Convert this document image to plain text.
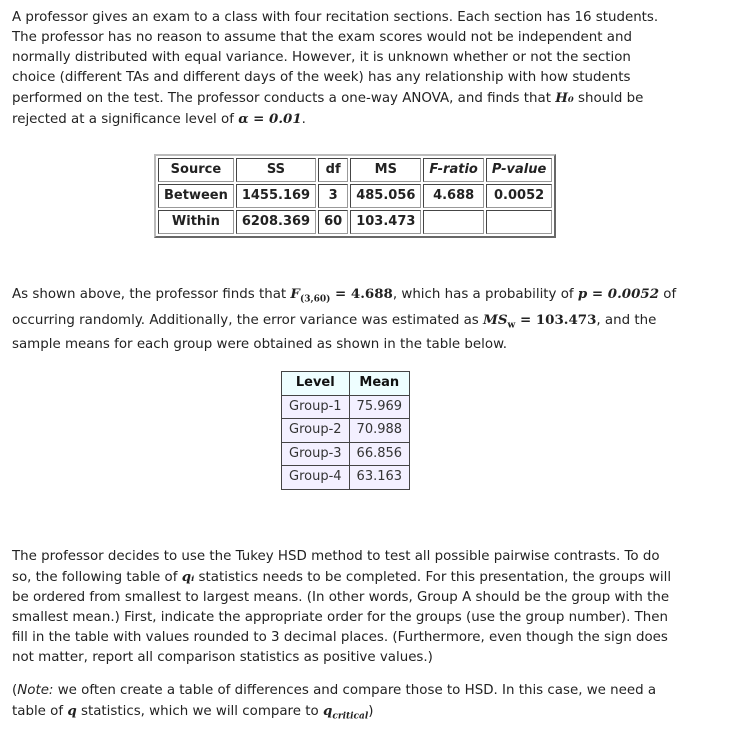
A professor gives an exam to a class with four recitation sections. Each section has 16 students. The professor has no reason to assume that the exam scores would not be independent and normally distributed with equal variance. However, it is unknown whether or not the section choice (different TAs and different days of the week) has any relationship with how students performed on the test. The professor conducts a one-way ANOVA, and finds that H₀ should be rejected at a significance level of α = 0.01.
Source	SS	df	MS	F-ratio	P-value
Between	1455.169	3	485.056	4.688	0.0052
Within	6208.369	60	103.473		
As shown above, the professor finds that $F_{(3,60)} = 4.688$, which has a probability of p = 0.0052 of occurring randomly. Additionally, the error variance was estimated as $MS_w = 103.473$, and the sample means for each group were obtained as shown in the table below.
Level	Mean
Group-1	75.969
Group-2	70.988
Group-3	66.856
Group-4	63.163
The professor decides to use the Tukey HSD method to test all possible pairwise contrasts. To do so, the following table of qᵢ statistics needs to be completed. For this presentation, the groups will be ordered from smallest to largest means. (In other words, Group A should be the group with the smallest mean.) First, indicate the appropriate order for the groups (use the group number). Then fill in the table with values rounded to 3 decimal places. (Furthermore, even though the sign does not matter, report all comparison statistics as positive values.)
(Note: we often create a table of differences and compare those to HSD. In this case, we need a table of q statistics, which we will compare to $q_{critical}$)
